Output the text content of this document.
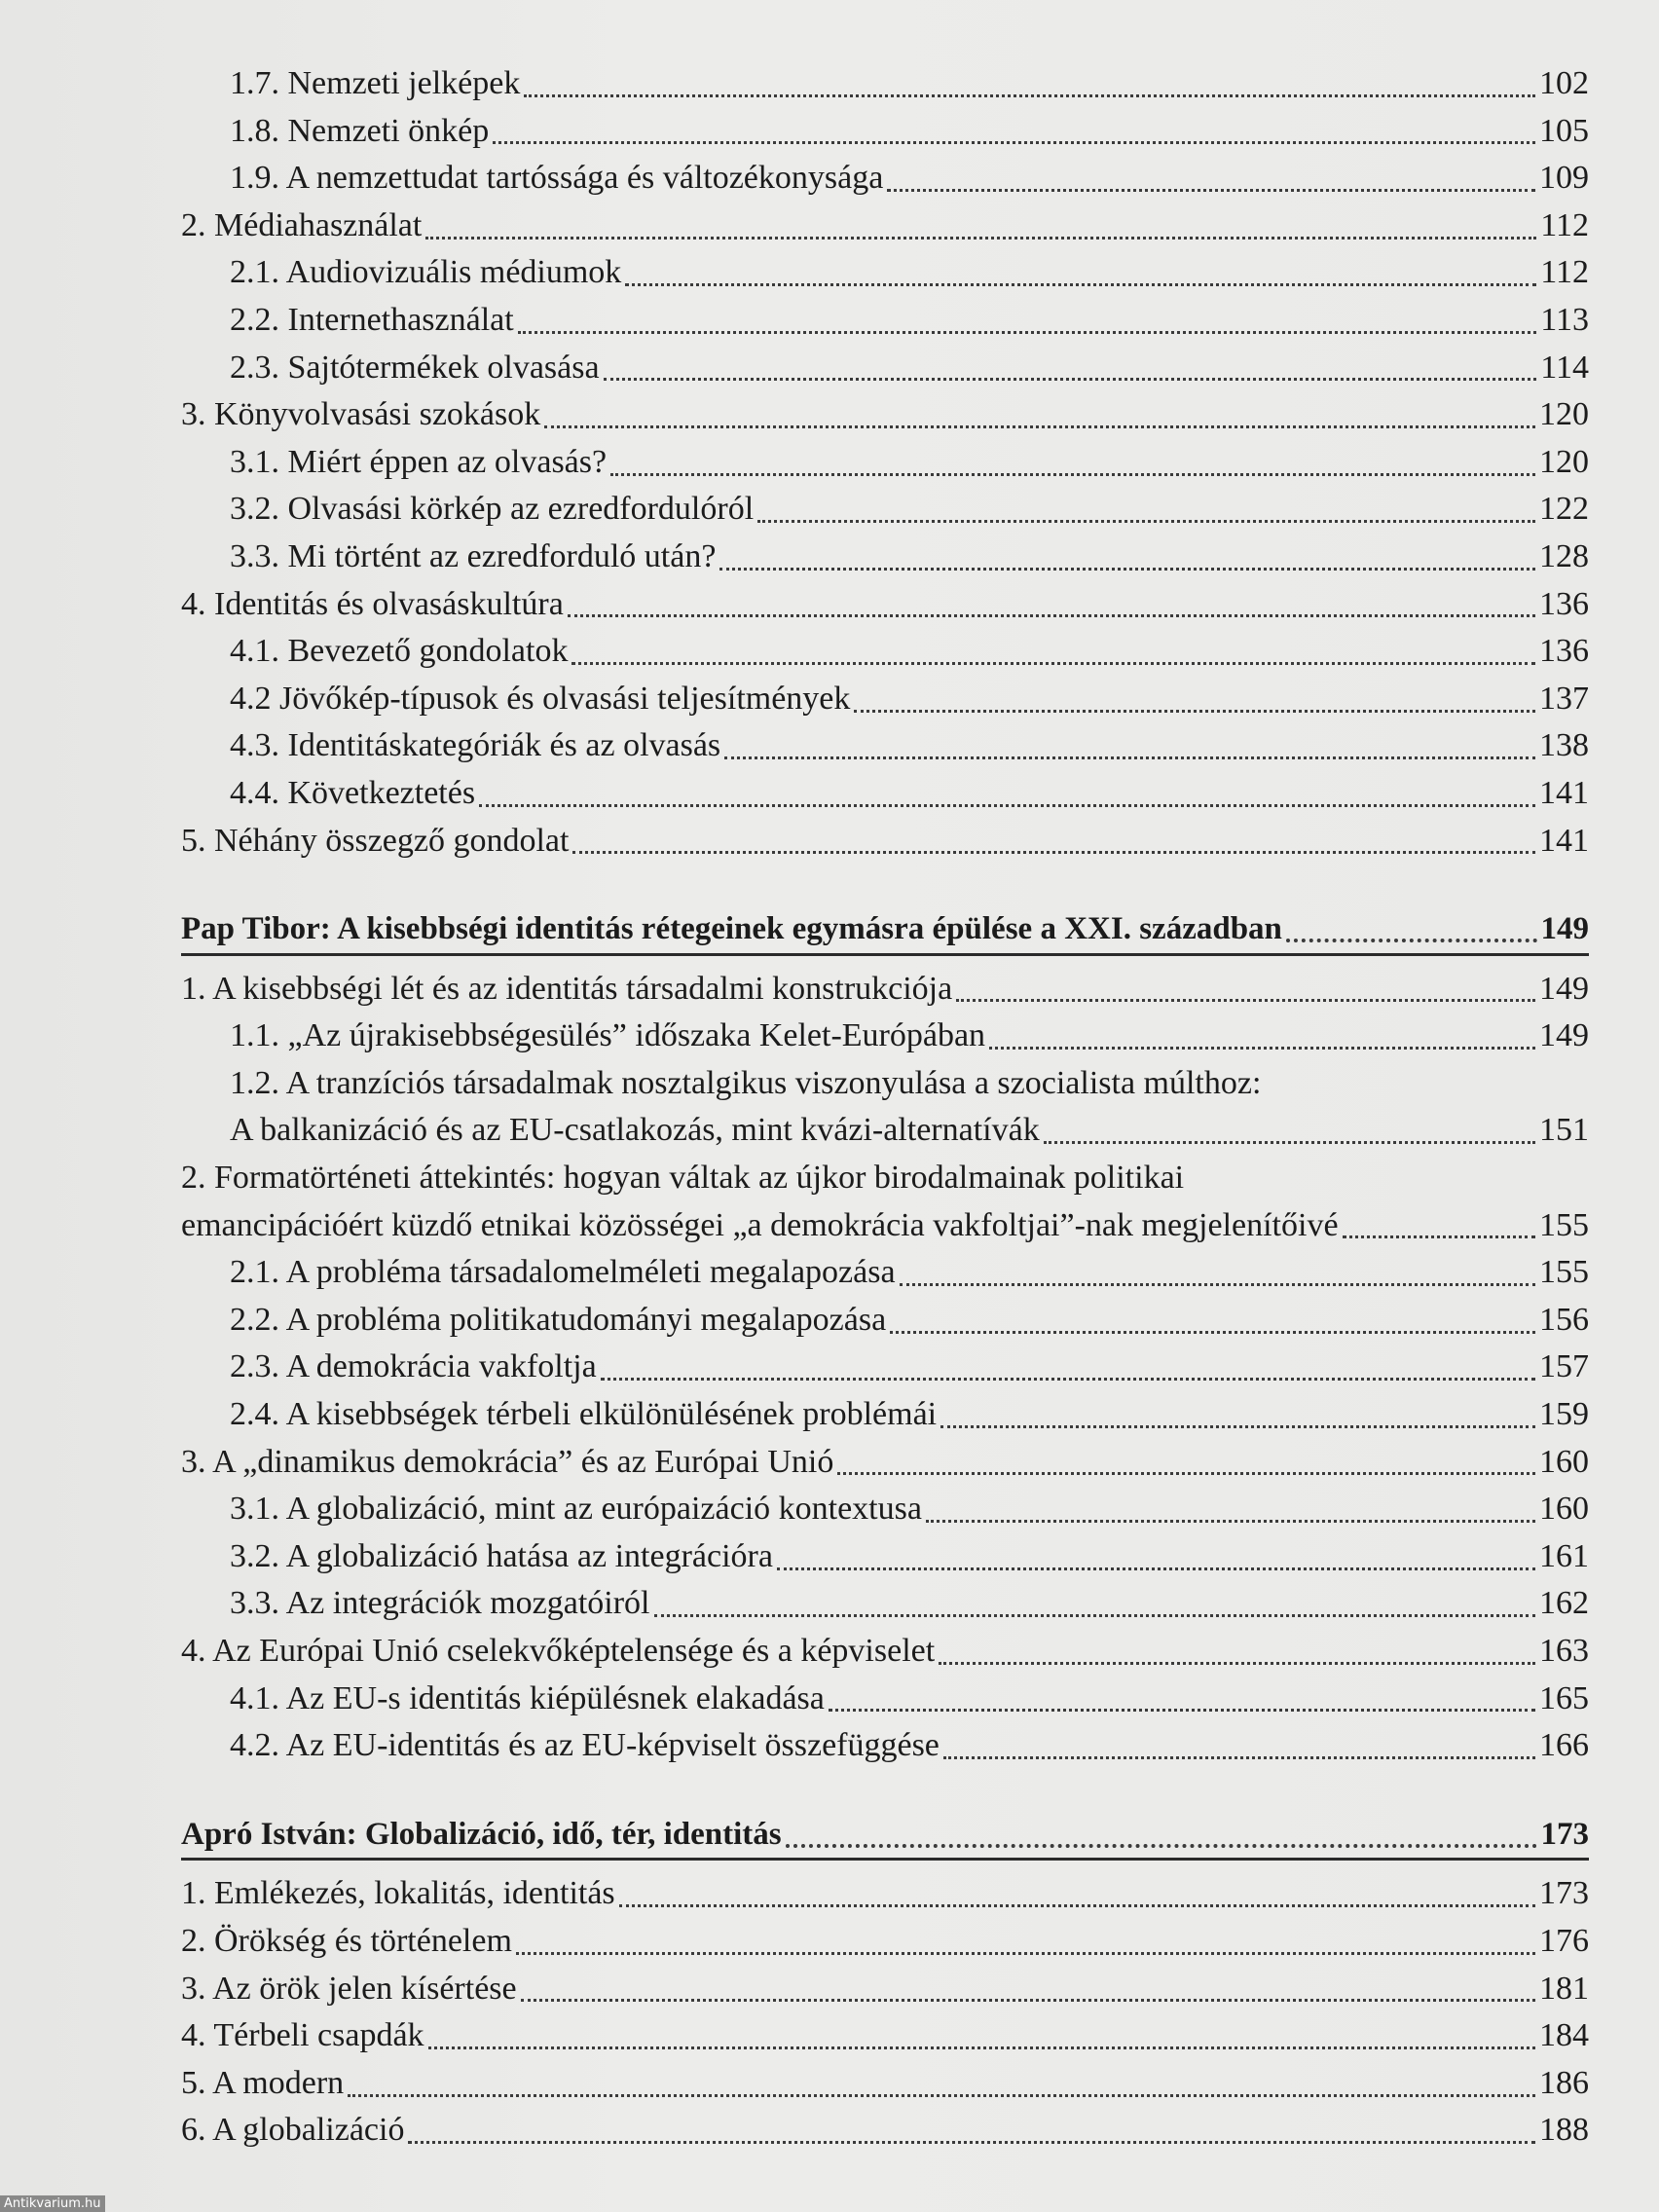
1.7. Nemzeti jelképek	102
1.8. Nemzeti önkép	105
1.9. A nemzettudat tartóssága és változékonysága	109
2. Médiahasználat	112
2.1. Audiovizuális médiumok	112
2.2. Internethasználat	113
2.3. Sajtótermékek olvasása	114
3. Könyvolvasási szokások	120
3.1. Miért éppen az olvasás?	120
3.2. Olvasási körkép az ezredfordulóról	122
3.3. Mi történt az ezredforduló után?	128
4. Identitás és olvasáskultúra	136
4.1. Bevezető gondolatok	136
4.2 Jövőkép-típusok és olvasási teljesítmények	137
4.3. Identitáskategóriák és az olvasás	138
4.4. Következtetés	141
5. Néhány összegző gondolat	141
Pap Tibor: A kisebbségi identitás rétegeinek egymásra épülése a XXI. században	149
1. A kisebbségi lét és az identitás társadalmi konstrukciója	149
1.1. „Az újrakisebbségesülés” időszaka Kelet-Európában	149
1.2. A tranzíciós társadalmak nosztalgikus viszonyulása a szocialista múlthoz:
A balkanizáció és az EU-csatlakozás, mint kvázi-alternatívák	151
2. Formatörténeti áttekintés: hogyan váltak az újkor birodalmainak politikai
emancipációért küzdő etnikai közösségei „a demokrácia vakfoltjai”-nak megjelenítőivé	155
2.1. A probléma társadalomelméleti megalapozása	155
2.2. A probléma politikatudományi megalapozása	156
2.3. A demokrácia vakfoltja	157
2.4. A kisebbségek térbeli elkülönülésének problémái	159
3. A „dinamikus demokrácia” és az Európai Unió	160
3.1. A globalizáció, mint az európaizáció kontextusa	160
3.2. A globalizáció hatása az integrációra	161
3.3. Az integrációk mozgatóiról	162
4. Az Európai Unió cselekvőképtelensége és a képviselet	163
4.1. Az EU-s identitás kiépülésnek elakadása	165
4.2. Az EU-identitás és az EU-képviselt összefüggése	166
Apró István: Globalizáció, idő, tér, identitás	173
1. Emlékezés, lokalitás, identitás	173
2. Örökség és történelem	176
3. Az örök jelen kísértése	181
4. Térbeli csapdák	184
5. A modern	186
6. A globalizáció	188
Antikvarium.hu
